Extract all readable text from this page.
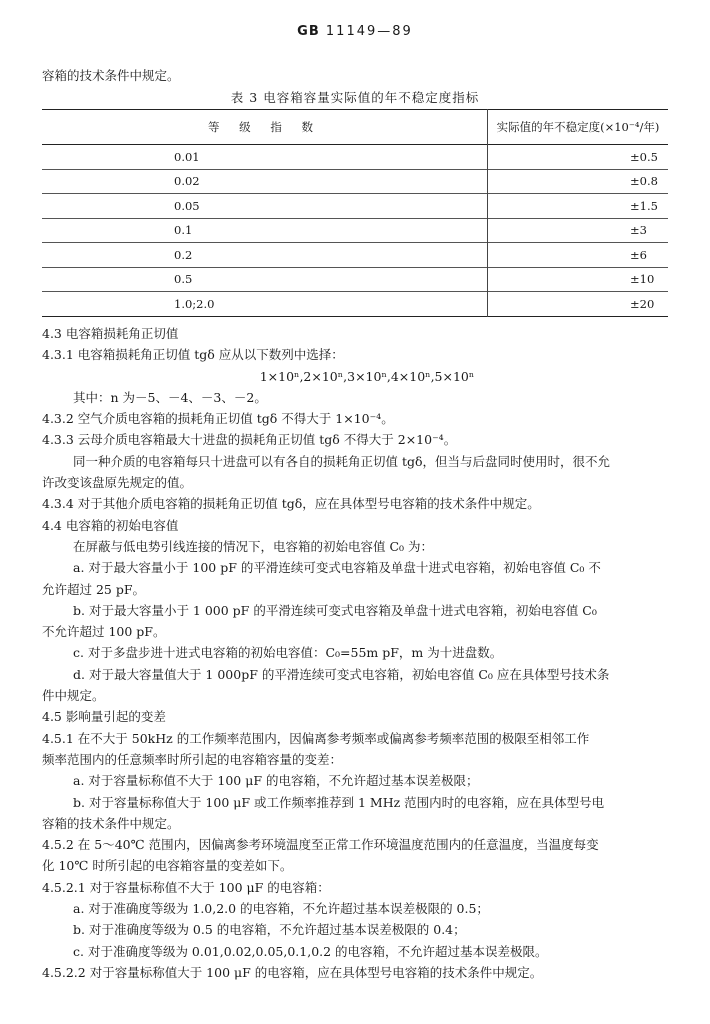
GB 11149—89
容箱的技术条件中规定。
表 3 电容箱容量实际值的年不稳定度指标
等 级 指 数	实际值的年不稳定度(×10⁻⁴/年)
0.01	±0.5
0.02	±0.8
0.05	±1.5
0.1	±3
0.2	±6
0.5	±10
1.0;2.0	±20

4.3 电容箱损耗角正切值

4.3.1 电容箱损耗角正切值 tgδ 应从以下数列中选择：

1×10ⁿ,2×10ⁿ,3×10ⁿ,4×10ⁿ,5×10ⁿ

其中：n 为－5、－4、－3、－2。

4.3.2 空气介质电容箱的损耗角正切值 tgδ 不得大于 1×10⁻⁴。

4.3.3 云母介质电容箱最大十进盘的损耗角正切值 tgδ 不得大于 2×10⁻⁴。

同一种介质的电容箱每只十进盘可以有各自的损耗角正切值 tgδ，但当与后盘同时使用时，很不允

许改变该盘原先规定的值。

4.3.4 对于其他介质电容箱的损耗角正切值 tgδ，应在具体型号电容箱的技术条件中规定。

4.4 电容箱的初始电容值

在屏蔽与低电势引线连接的情况下，电容箱的初始电容值 C₀ 为：

a. 对于最大容量小于 100 pF 的平滑连续可变式电容箱及单盘十进式电容箱，初始电容值 C₀ 不

允许超过 25 pF。

b. 对于最大容量小于 1 000 pF 的平滑连续可变式电容箱及单盘十进式电容箱，初始电容值 C₀

不允许超过 100 pF。

c. 对于多盘步进十进式电容箱的初始电容值：C₀=55m pF，m 为十进盘数。

d. 对于最大容量值大于 1 000pF 的平滑连续可变式电容箱，初始电容值 C₀ 应在具体型号技术条

件中规定。

4.5 影响量引起的变差

4.5.1 在不大于 50kHz 的工作频率范围内，因偏离参考频率或偏离参考频率范围的极限至相邻工作

频率范围内的任意频率时所引起的电容箱容量的变差：

a. 对于容量标称值不大于 100 μF 的电容箱，不允许超过基本误差极限；

b. 对于容量标称值大于 100 μF 或工作频率推荐到 1 MHz 范围内时的电容箱，应在具体型号电

容箱的技术条件中规定。

4.5.2 在 5～40℃ 范围内，因偏离参考环境温度至正常工作环境温度范围内的任意温度，当温度每变

化 10℃ 时所引起的电容箱容量的变差如下。

4.5.2.1 对于容量标称值不大于 100 μF 的电容箱：

a. 对于准确度等级为 1.0,2.0 的电容箱，不允许超过基本误差极限的 0.5；

b. 对于准确度等级为 0.5 的电容箱，不允许超过基本误差极限的 0.4；

c. 对于准确度等级为 0.01,0.02,0.05,0.1,0.2 的电容箱，不允许超过基本误差极限。

4.5.2.2 对于容量标称值大于 100 μF 的电容箱，应在具体型号电容箱的技术条件中规定。
